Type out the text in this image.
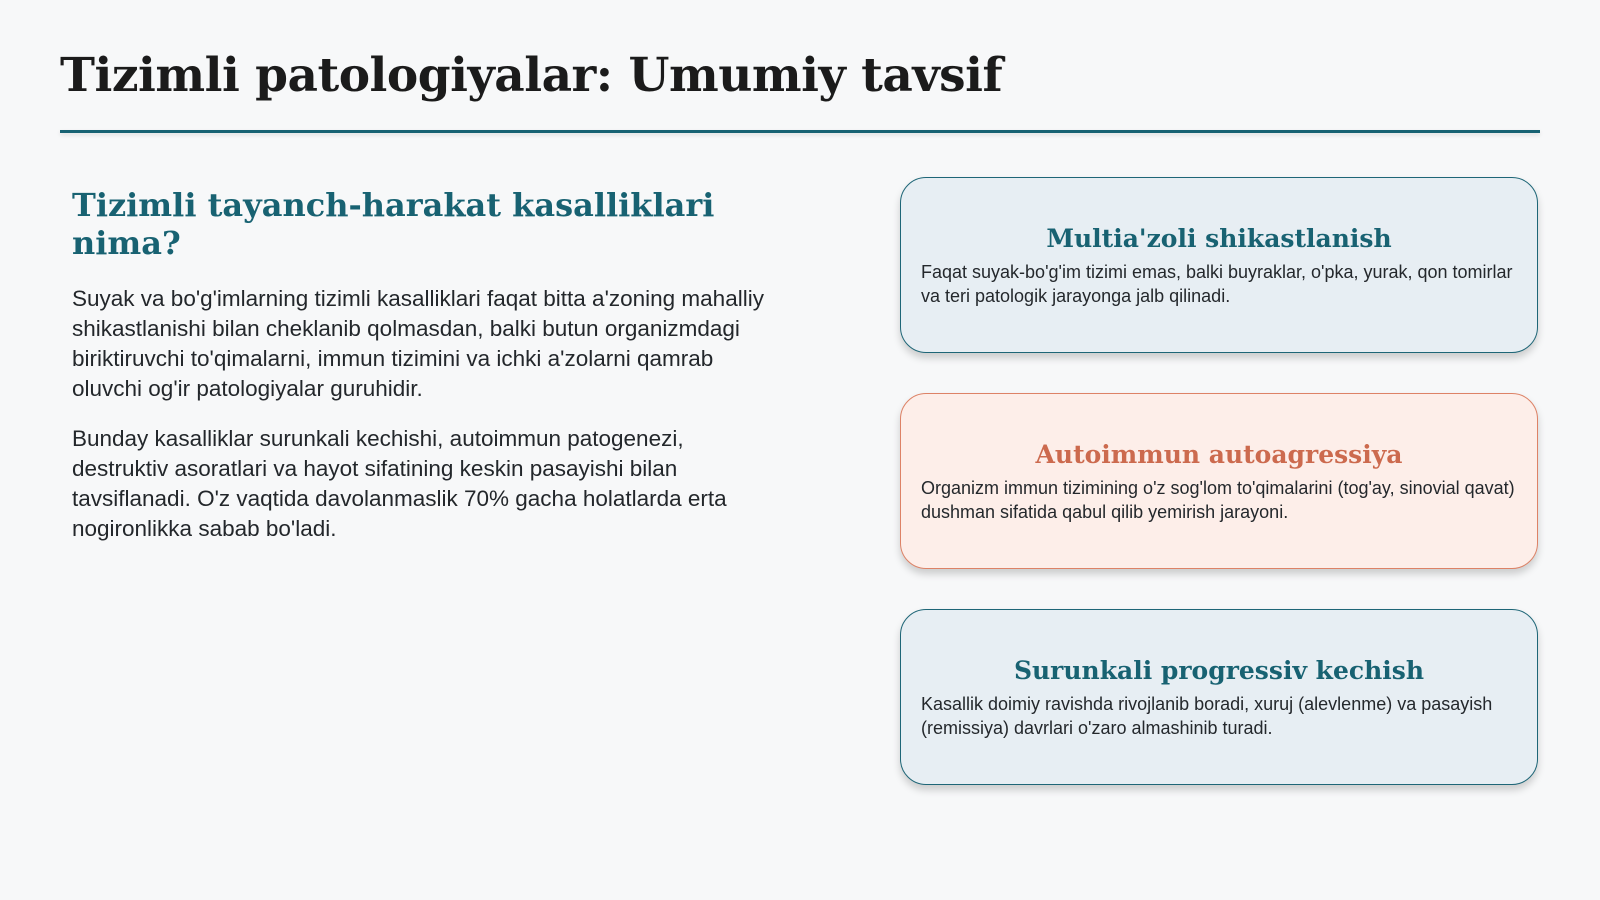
Tizimli patologiyalar: Umumiy tavsif
Tizimli tayanch-harakat kasalliklari nima?

Suyak va bo'g'imlarning tizimli kasalliklari faqat bitta a'zoning mahalliy shikastlanishi bilan cheklanib qolmasdan, balki butun organizmdagi biriktiruvchi to'qimalarni, immun tizimini va ichki a'zolarni qamrab oluvchi og'ir patologiyalar guruhidir.

Bunday kasalliklar surunkali kechishi, autoimmun patogenezi, destruktiv asoratlari va hayot sifatining keskin pasayishi bilan tavsiflanadi. O'z vaqtida davolanmaslik 70% gacha holatlarda erta nogironlikka sabab bo'ladi.

Multia'zoli shikastlanish

Faqat suyak-bo'g'im tizimi emas, balki buyraklar, o'pka, yurak, qon tomirlar va teri patologik jarayonga jalb qilinadi.

Autoimmun autoagressiya

Organizm immun tizimining o'z sog'lom to'qimalarini (tog'ay, sinovial qavat) dushman sifatida qabul qilib yemirish jarayoni.

Surunkali progressiv kechish

Kasallik doimiy ravishda rivojlanib boradi, xuruj (alevlenme) va pasayish (remissiya) davrlari o'zaro almashinib turadi.
